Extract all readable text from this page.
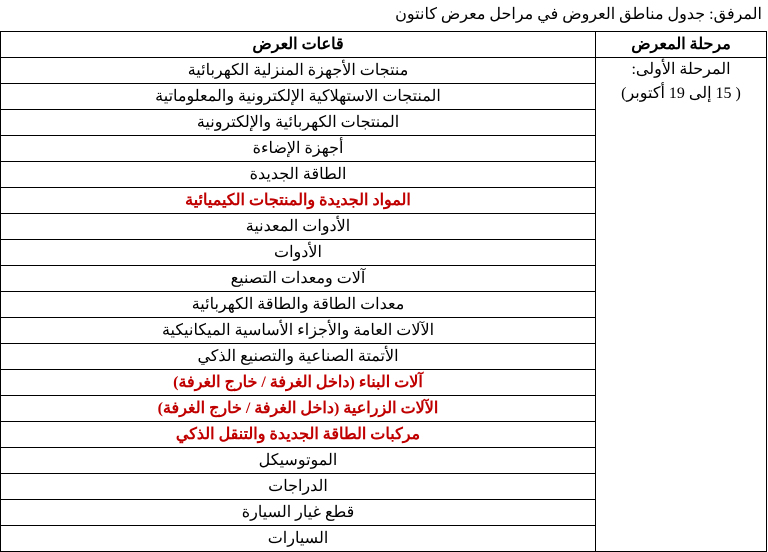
المرفق: جدول مناطق العروض في مراحل معرض كانتون
مرحلة المعرض	قاعات العرض

المرحلة الأولى:
( 15 إلى 19 أكتوبر)	منتجات الأجهزة المنزلية الكهربائية
	المنتجات الاستهلاكية الإلكترونية والمعلوماتية
	المنتجات الكهربائية والإلكترونية
	أجهزة الإضاءة
	الطاقة الجديدة
	المواد الجديدة والمنتجات الكيميائية
	الأدوات المعدنية
	الأدوات
	آلات ومعدات التصنيع
	معدات الطاقة والطاقة الكهربائية
	الآلات العامة والأجزاء الأساسية الميكانيكية
	الأتمتة الصناعية والتصنيع الذكي
	آلات البناء (داخل الغرفة / خارج الغرفة)
	الآلات الزراعية (داخل الغرفة / خارج الغرفة)
	مركبات الطاقة الجديدة والتنقل الذكي
	الموتوسيكل
	الدراجات
	قطع غيار السيارة
	السيارات
